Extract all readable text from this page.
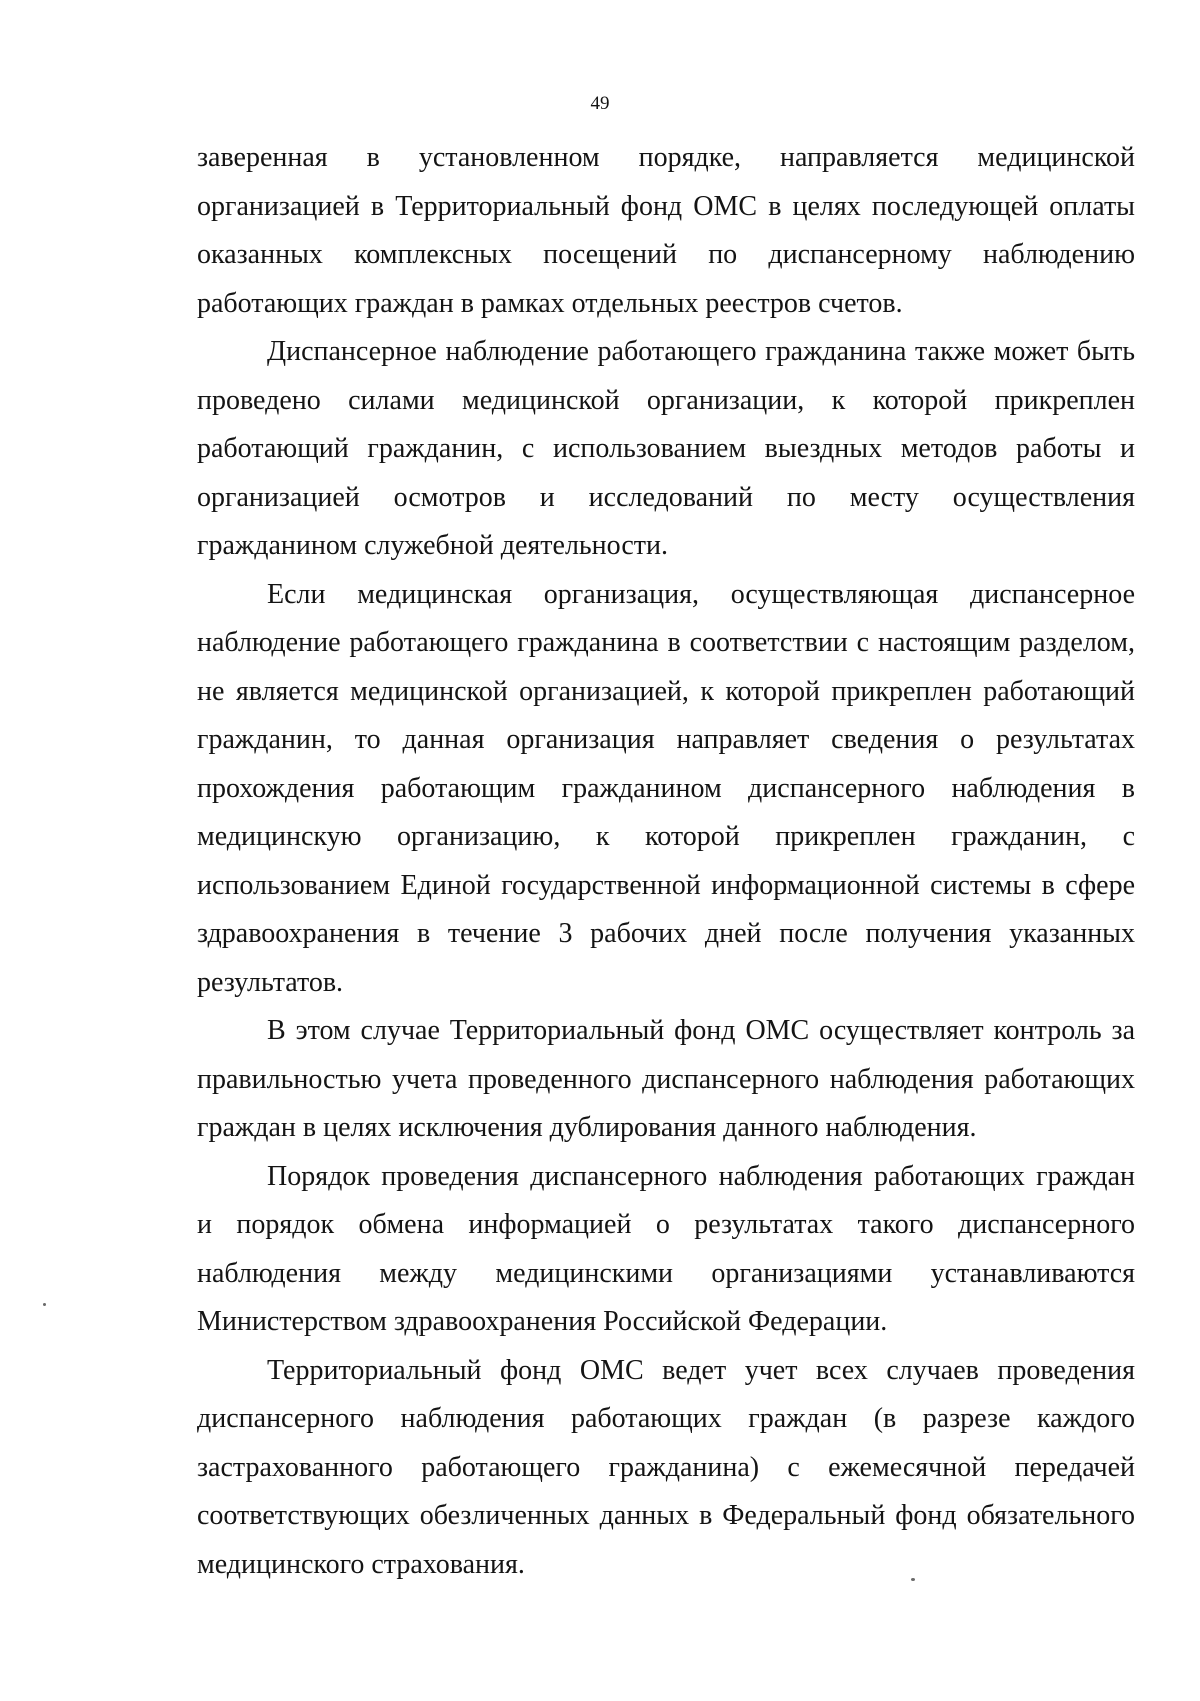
49

заверенная в установленном порядке, направляется медицинской организацией в Территориальный фонд ОМС в целях последующей оплаты оказанных комплексных посещений по диспансерному наблюдению работающих граждан в рамках отдельных реестров счетов.

Диспансерное наблюдение работающего гражданина также может быть проведено силами медицинской организации, к которой прикреплен работающий гражданин, с использованием выездных методов работы и организацией осмотров и исследований по месту осуществления гражданином служебной деятельности.

Если медицинская организация, осуществляющая диспансерное наблюдение работающего гражданина в соответствии с настоящим разделом, не является медицинской организацией, к которой прикреплен работающий гражданин, то данная организация направляет сведения о результатах прохождения работающим гражданином диспансерного наблюдения в медицинскую организацию, к которой прикреплен гражданин, с использованием Единой государственной информационной системы в сфере здравоохранения в течение 3 рабочих дней после получения указанных результатов.

В этом случае Территориальный фонд ОМС осуществляет контроль за правильностью учета проведенного диспансерного наблюдения работающих граждан в целях исключения дублирования данного наблюдения.

Порядок проведения диспансерного наблюдения работающих граждан и порядок обмена информацией о результатах такого диспансерного наблюдения между медицинскими организациями устанавливаются Министерством здравоохранения Российской Федерации.

Территориальный фонд ОМС ведет учет всех случаев проведения диспансерного наблюдения работающих граждан (в разрезе каждого застрахованного работающего гражданина) с ежемесячной передачей соответствующих обезличенных данных в Федеральный фонд обязательного медицинского страхования.
